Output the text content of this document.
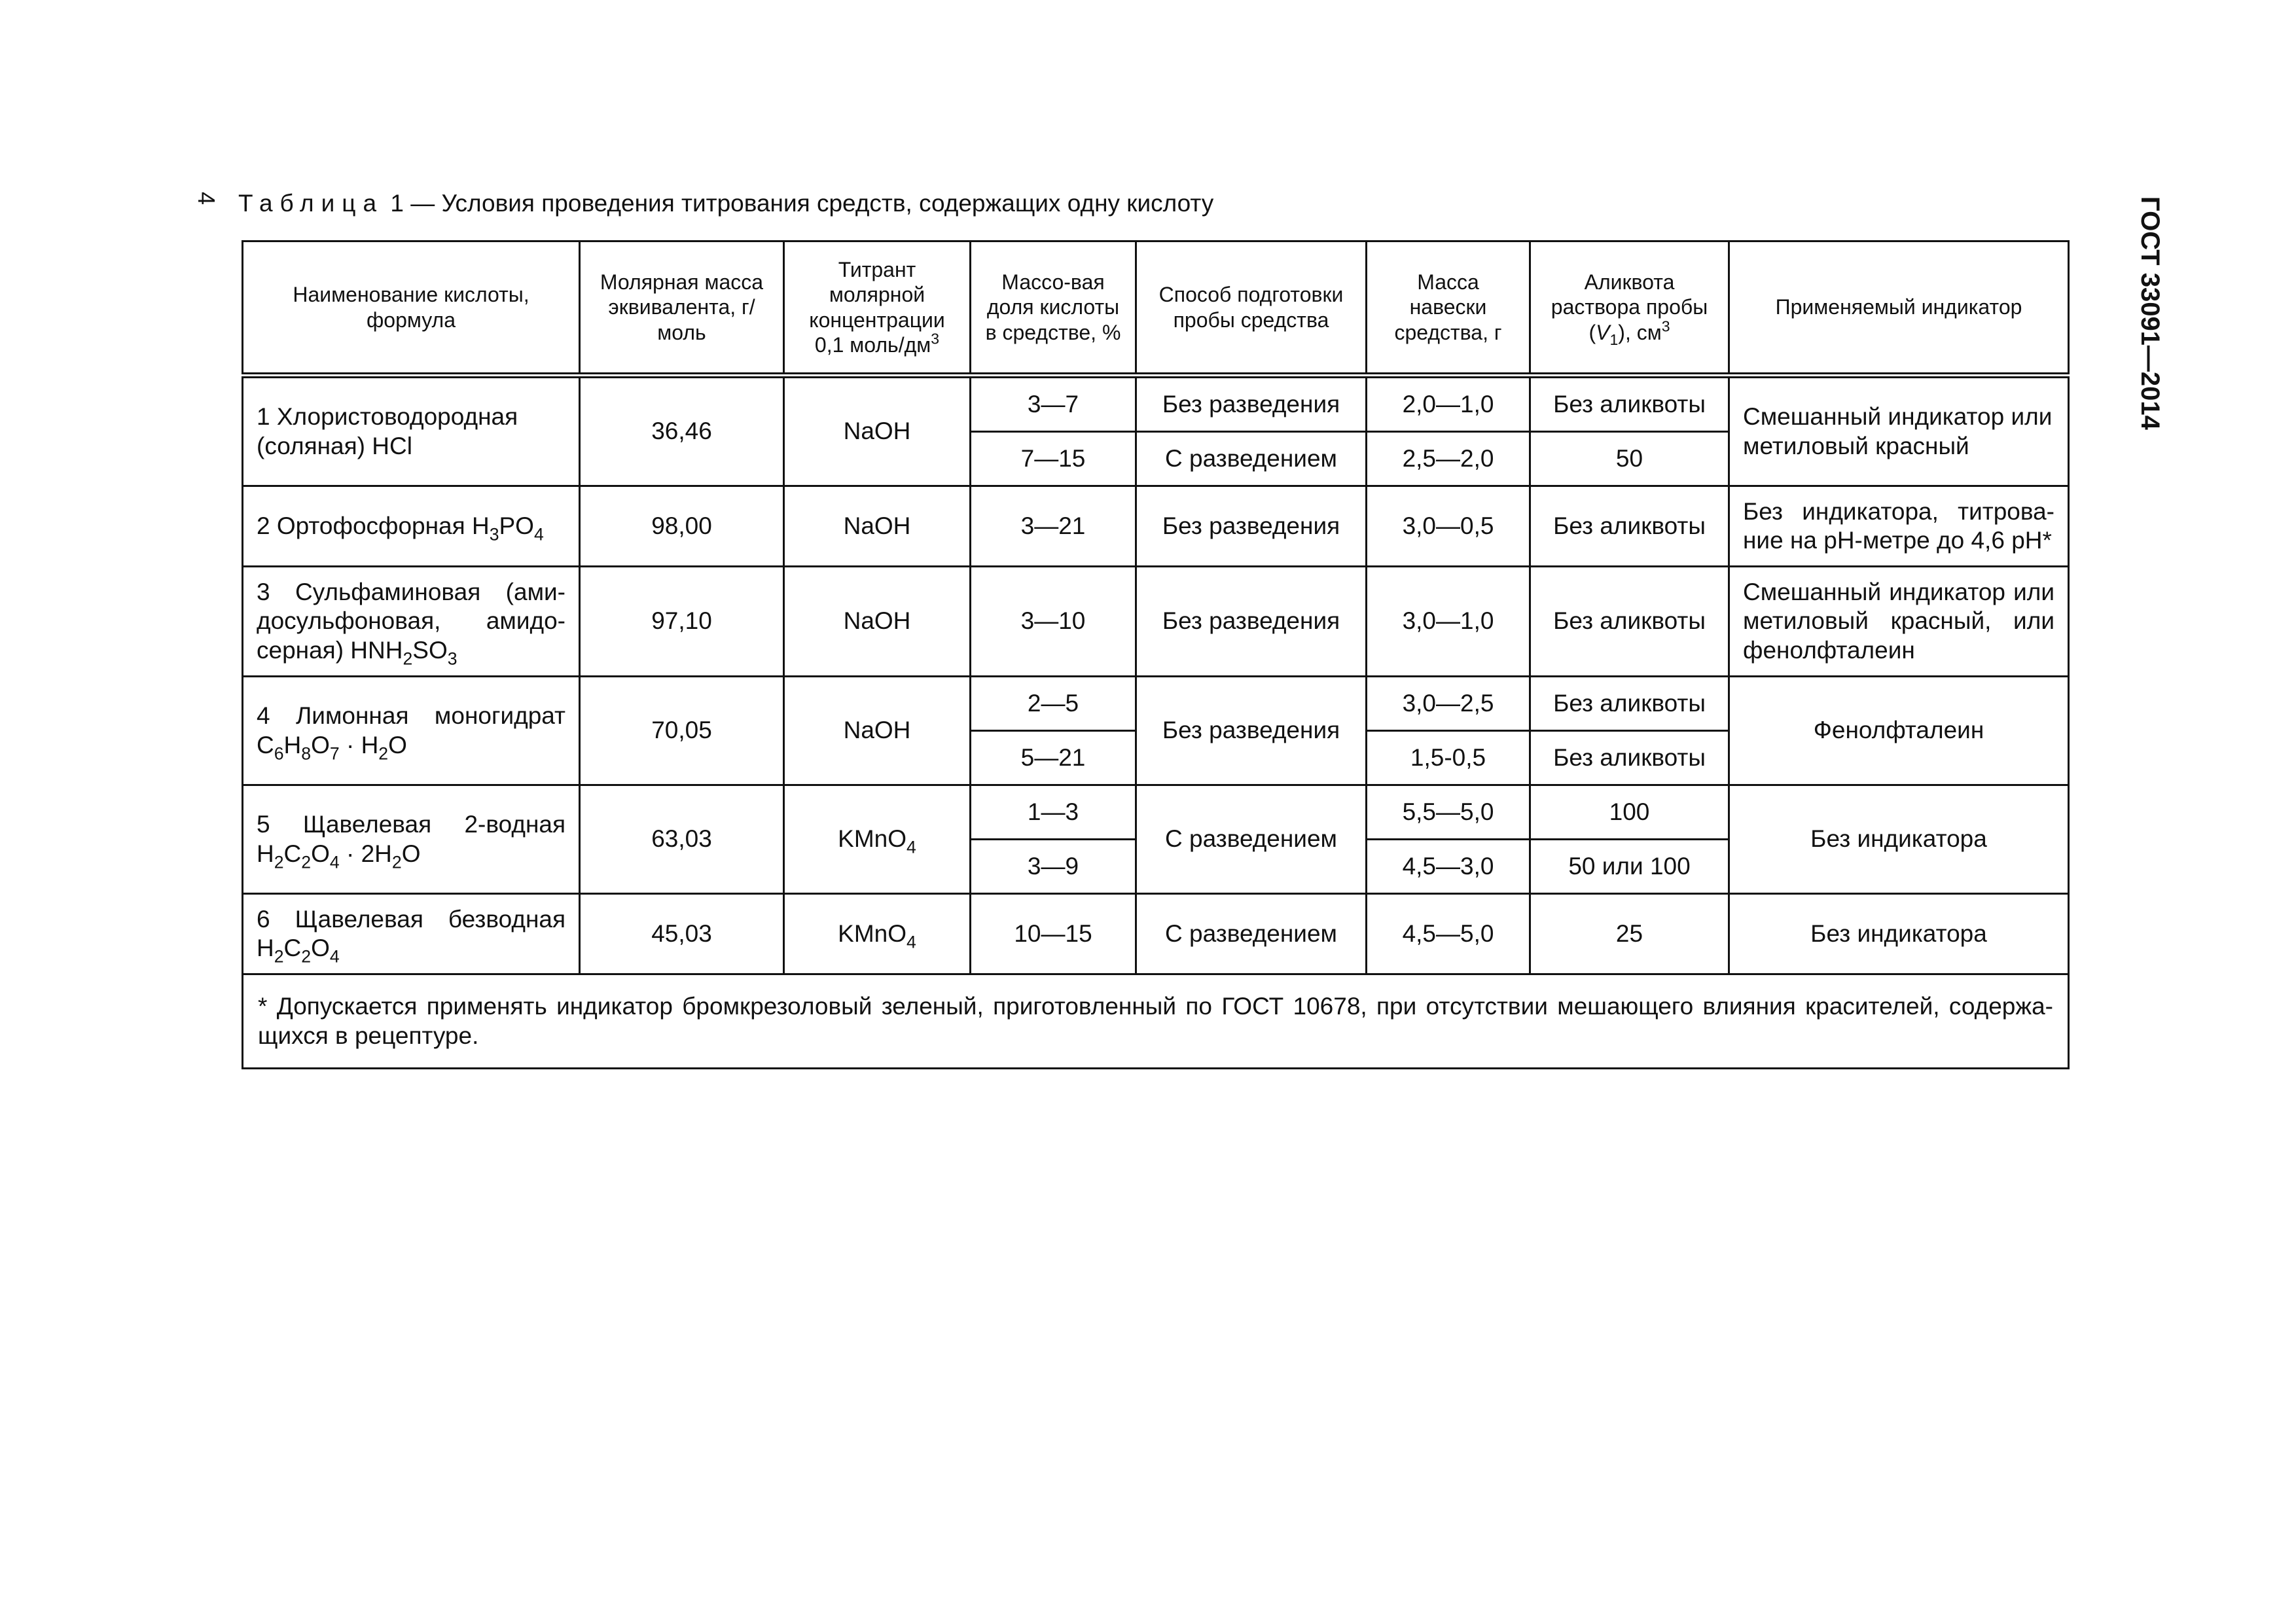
4 Таблица 1 — Условия проведения титрования средств, содержащих одну кислоту	ГОСТ 33091—2014
Наименование кислоты, формула	Молярная масса эквивалента, г/моль	Титрант молярной концентрации 0,1 моль/$дм^3$	Массо-вая доля кислоты в средстве, %	Способ подготовки пробы средства	Масса навески средства, г	Аликвота раствора пробы $(V_1)$, $см^3$	Применяемый индикатор
1 Хлористоводородная (соляная) HCl	36,46	NaOH	3—7	Без разведения	2,0—1,0	Без аликвоты	Смешанный индикатор или метиловый красный
			7—15	С разведением	2,5—2,0	50	
2 Ортофосфорная $H_3PO_4$	98,00	NaOH	3—21	Без разведения	3,0—0,5	Без аликвоты	Без индикатора, титрова-ние на pH-метре до 4,6 pH*
3 Сульфаминовая (ами-досульфоновая, амидо-серная) $HNH_2SO_3$	97,10	NaOH	3—10	Без разведения	3,0—1,0	Без аликвоты	Смешанный индикатор или метиловый красный, или фенолфталеин
4 Лимонная моногидрат $C_6H_8O_7 \cdot H_2O$	70,05	NaOH	2—5	Без разведения	3,0—2,5	Без аликвоты	Фенолфталеин
			5—21		1,5-0,5	Без аликвоты	
5 Щавелевая 2-водная $H_2C_2O_4 \cdot 2H_2O$	63,03	KMnO$_4$	1—3	С разведением	5,5—5,0	100	Без индикатора
			3—9		4,5—3,0	50 или 100	
6 Щавелевая безводная $H_2C_2O_4$	45,03	KMnO$_4$	10—15	С разведением	4,5—5,0	25	Без индикатора
* Допускается применять индикатор бромкрезоловый зеленый, приготовленный по ГОСТ 10678, при отсутствии мешающего влияния красителей, содержа-щихся в рецептуре.							
